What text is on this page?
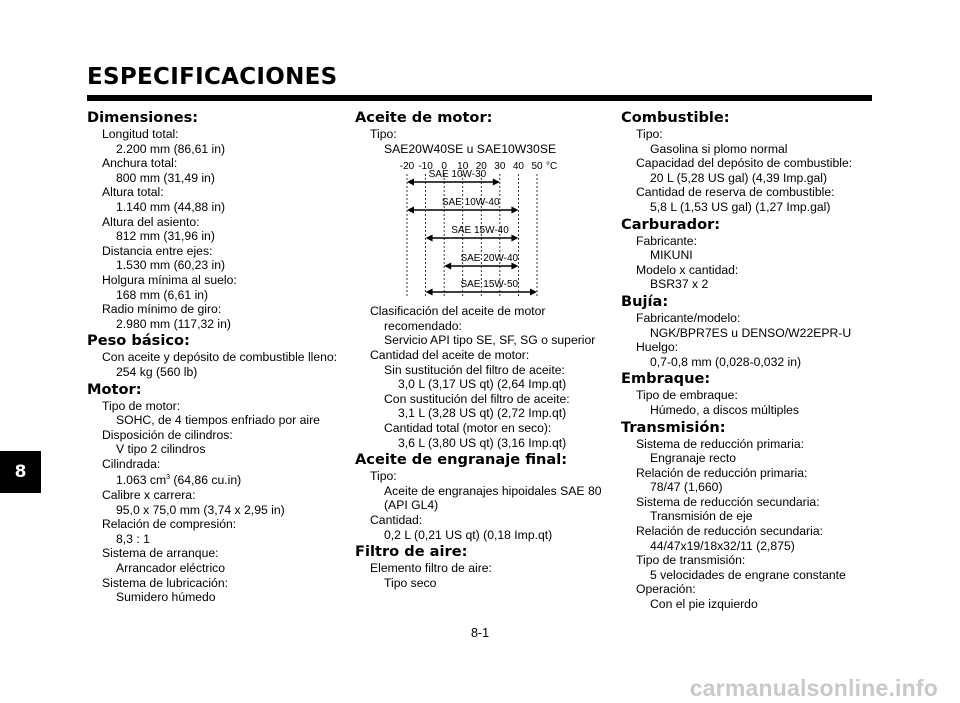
ESPECIFICACIONES
8
Dimensiones:
Longitud total:
2.200 mm (86,61 in)
Anchura total:
800 mm (31,49 in)
Altura total:
1.140 mm (44,88 in)
Altura del asiento:
812 mm (31,96 in)
Distancia entre ejes:
1.530 mm (60,23 in)
Holgura mínima al suelo:
168 mm (6,61 in)
Radio mínimo de giro:
2.980 mm (117,32 in)
Peso básico:
Con aceite y depósito de combustible lleno:
254 kg (560 lb)
Motor:
Tipo de motor:
SOHC, de 4 tiempos enfriado por aire
Disposición de cilindros:
V tipo 2 cilindros
Cilindrada:
1.063 $cm^3$ (64,86 cu.in)
Calibre x carrera:
95,0 x 75,0 mm (3,74 x 2,95 in)
Relación de compresión:
8,3 : 1
Sistema de arranque:
Arrancador eléctrico
Sistema de lubricación:
Sumidero húmedo
Aceite de motor:
Tipo:
SAE20W40SE u SAE10W30SE
-20 -10 0 10 20 30 40 50 °C
SAE 10W-30
SAE 10W-40
SAE 15W-40
SAE 20W-40
SAE 15W-50
Clasificación del aceite de motor
recomendado:
Servicio API tipo SE, SF, SG o superior
Cantidad del aceite de motor:
Sin sustitución del filtro de aceite:
3,0 L (3,17 US qt) (2,64 Imp.qt)
Con sustitución del filtro de aceite:
3,1 L (3,28 US qt) (2,72 Imp.qt)
Cantidad total (motor en seco):
3,6 L (3,80 US qt) (3,16 Imp.qt)
Aceite de engranaje final:
Tipo:
Aceite de engranajes hipoidales SAE 80
(API GL4)
Cantidad:
0,2 L (0,21 US qt) (0,18 Imp.qt)
Filtro de aire:
Elemento filtro de aire:
Tipo seco
Combustible:
Tipo:
Gasolina si plomo normal
Capacidad del depósito de combustible:
20 L (5,28 US gal) (4,39 Imp.gal)
Cantidad de reserva de combustible:
5,8 L (1,53 US gal) (1,27 Imp.gal)
Carburador:
Fabricante:
MIKUNI
Modelo x cantidad:
BSR37 x 2
Bujía:
Fabricante/modelo:
NGK/BPR7ES u DENSO/W22EPR-U
Huelgo:
0,7-0,8 mm (0,028-0,032 in)
Embraque:
Tipo de embraque:
Húmedo, a discos múltiples
Transmisión:
Sistema de reducción primaria:
Engranaje recto
Relación de reducción primaria:
78/47 (1,660)
Sistema de reducción secundaria:
Transmisión de eje
Relación de reducción secundaria:
44/47x19/18x32/11 (2,875)
Tipo de transmisión:
5 velocidades de engrane constante
Operación:
Con el pie izquierdo
8-1
carmanualsonline.info
